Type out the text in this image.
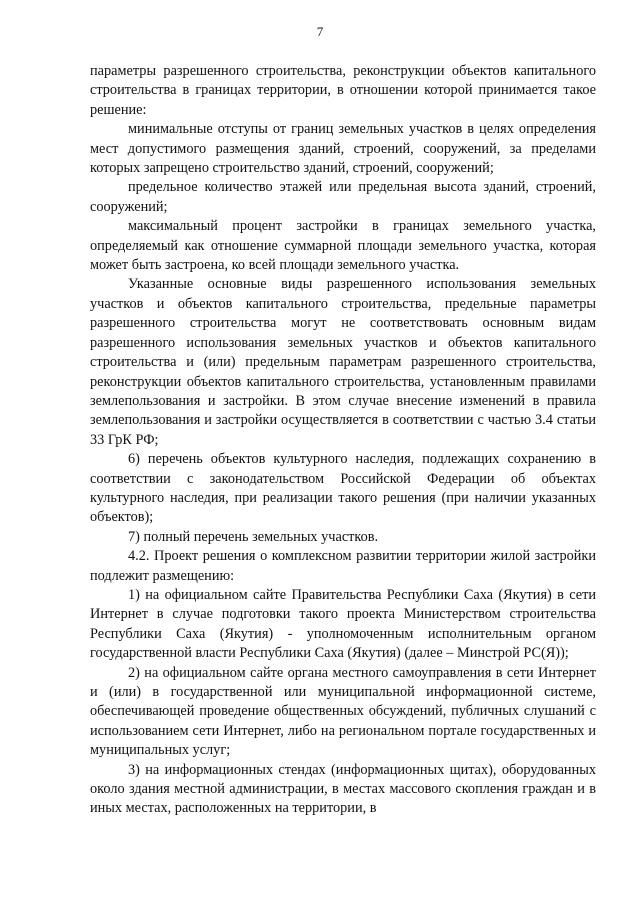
7

параметры разрешенного строительства, реконструкции объектов капитального строительства в границах территории, в отношении которой принимается такое решение:

минимальные отступы от границ земельных участков в целях определения мест допустимого размещения зданий, строений, сооружений, за пределами которых запрещено строительство зданий, строений, сооружений;

предельное количество этажей или предельная высота зданий, строений, сооружений;

максимальный процент застройки в границах земельного участка, определяемый как отношение суммарной площади земельного участка, которая может быть застроена, ко всей площади земельного участка.

Указанные основные виды разрешенного использования земельных участков и объектов капитального строительства, предельные параметры разрешенного строительства могут не соответствовать основным видам разрешенного использования земельных участков и объектов капитального строительства и (или) предельным параметрам разрешенного строительства, реконструкции объектов капитального строительства, установленным правилами землепользования и застройки. В этом случае внесение изменений в правила землепользования и застройки осуществляется в соответствии с частью 3.4 статьи 33 ГрК РФ;

6) перечень объектов культурного наследия, подлежащих сохранению в соответствии с законодательством Российской Федерации об объектах культурного наследия, при реализации такого решения (при наличии указанных объектов);

7) полный перечень земельных участков.

4.2. Проект решения о комплексном развитии территории жилой застройки подлежит размещению:

1) на официальном сайте Правительства Республики Саха (Якутия) в сети Интернет в случае подготовки такого проекта Министерством строительства Республики Саха (Якутия) - уполномоченным исполнительным органом государственной власти Республики Саха (Якутия) (далее – Минстрой РС(Я));

2) на официальном сайте органа местного самоуправления в сети Интернет и (или) в государственной или муниципальной информационной системе, обеспечивающей проведение общественных обсуждений, публичных слушаний с использованием сети Интернет, либо на региональном портале государственных и муниципальных услуг;

3) на информационных стендах (информационных щитах), оборудованных около здания местной администрации, в местах массового скопления граждан и в иных местах, расположенных на территории, в
